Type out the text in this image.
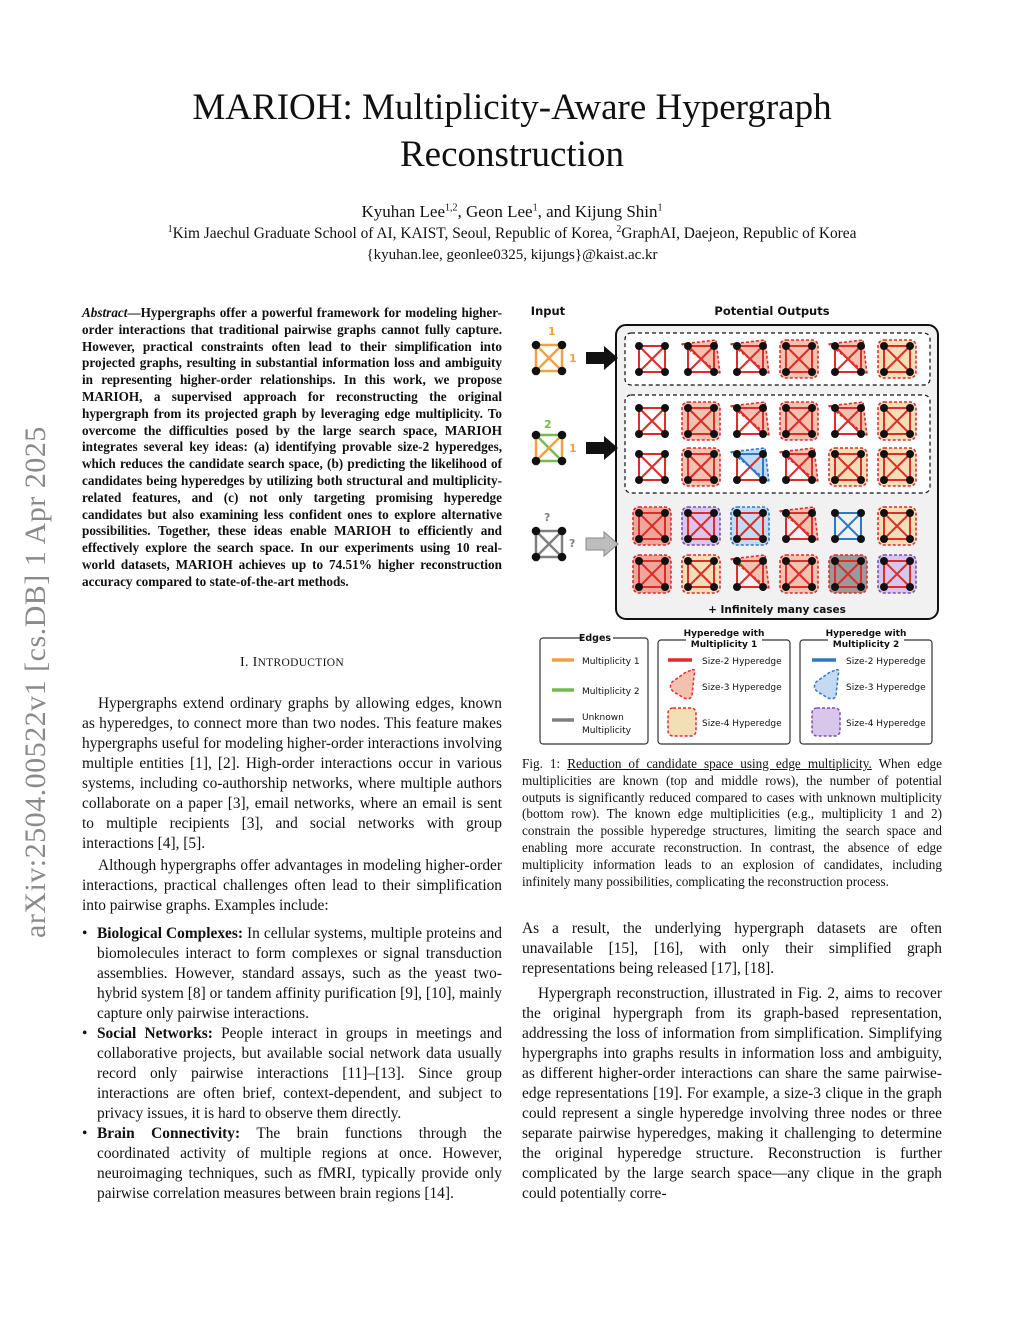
arXiv:2504.00522v1 [cs.DB] 1 Apr 2025
MARIOH: Multiplicity-Aware Hypergraph Reconstruction
Kyuhan Lee$^{1,2}$, Geon Lee$^1$, and Kijung Shin$^1$
$^1$Kim Jaechul Graduate School of AI, KAIST, Seoul, Republic of Korea, $^2$GraphAI, Daejeon, Republic of Korea
{kyuhan.lee, geonlee0325, kijungs}@kaist.ac.kr
Abstract—Hypergraphs offer a powerful framework for modeling higher-order interactions that traditional pairwise graphs cannot fully capture. However, practical constraints often lead to their simplification into projected graphs, resulting in substantial information loss and ambiguity in representing higher-order relationships. In this work, we propose MARIOH, a supervised approach for reconstructing the original hypergraph from its projected graph by leveraging edge multiplicity. To overcome the difficulties posed by the large search space, MARIOH integrates several key ideas: (a) identifying provable size-2 hyperedges, which reduces the candidate search space, (b) predicting the likelihood of candidates being hyperedges by utilizing both structural and multiplicity-related features, and (c) not only targeting promising hyperedge candidates but also examining less confident ones to explore alternative possibilities. Together, these ideas enable MARIOH to efficiently and effectively explore the search space. In our experiments using 10 real-world datasets, MARIOH achieves up to 74.51% higher reconstruction accuracy compared to state-of-the-art methods.
I. INTRODUCTION

Hypergraphs extend ordinary graphs by allowing edges, known as hyperedges, to connect more than two nodes. This feature makes hypergraphs useful for modeling higher-order interactions involving multiple entities [1], [2]. High-order interactions occur in various systems, including co-authorship networks, where multiple authors collaborate on a paper [3], email networks, where an email is sent to multiple recipients [3], and social networks with group interactions [4], [5].

Although hypergraphs offer advantages in modeling higher-order interactions, practical challenges often lead to their simplification into pairwise graphs. Examples include:

• Biological Complexes: In cellular systems, multiple proteins and biomolecules interact to form complexes or signal transduction assemblies. However, standard assays, such as the yeast two-hybrid system [8] or tandem affinity purification [9], [10], mainly capture only pairwise interactions.
• Social Networks: People interact in groups in meetings and collaborative projects, but available social network data usually record only pairwise interactions [11]–[13]. Since group interactions are often brief, context-dependent, and subject to privacy issues, it is hard to observe them directly.
• Brain Connectivity: The brain functions through the coordinated activity of multiple regions at once. However, neuroimaging techniques, such as fMRI, typically provide only pairwise correlation measures between brain regions [14].
Input	Potential Outputs
1
1
2
1
?
?
+ Infinitely many cases
Edges
Multiplicity 1
Multiplicity 2
Unknown
Multiplicity
Hyperedge with
Multiplicity 1
Size-2 Hyperedge
Size-3 Hyperedge
Size-4 Hyperedge
Hyperedge with
Multiplicity 2
Size-2 Hyperedge
Size-3 Hyperedge
Size-4 Hyperedge
Fig. 1: Reduction of candidate space using edge multiplicity. When edge multiplicities are known (top and middle rows), the number of potential outputs is significantly reduced compared to cases with unknown multiplicity (bottom row). The known edge multiplicities (e.g., multiplicity 1 and 2) constrain the possible hyperedge structures, limiting the search space and enabling more accurate reconstruction. In contrast, the absence of edge multiplicity information leads to an explosion of candidates, including infinitely many possibilities, complicating the reconstruction process.

As a result, the underlying hypergraph datasets are often unavailable [15], [16], with only their simplified graph representations being released [17], [18].

Hypergraph reconstruction, illustrated in Fig. 2, aims to recover the original hypergraph from its graph-based representation, addressing the loss of information from simplification. Simplifying hypergraphs into graphs results in information loss and ambiguity, as different higher-order interactions can share the same pairwise-edge representations [19]. For example, a size-3 clique in the graph could represent a single hyperedge involving three nodes or three separate pairwise hyperedges, making it challenging to determine the original hyperedge structure. Reconstruction is further complicated by the large search space—any clique in the graph could potentially corre-
